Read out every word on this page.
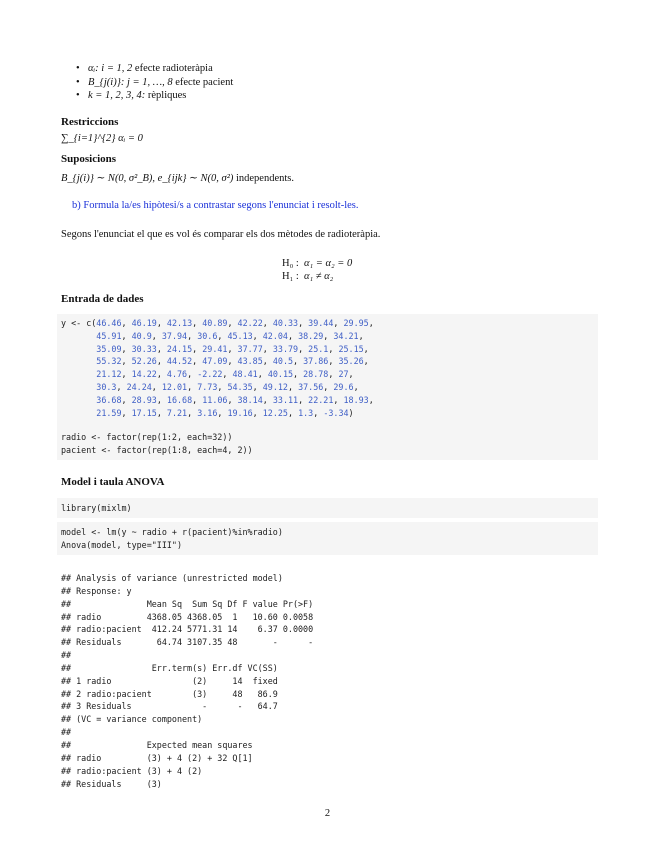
• αᵢ: i = 1, 2 efecte radioteràpia
• B_{j(i)}: j = 1, …, 8 efecte pacient
• k = 1, 2, 3, 4: rèpliques
Restriccions
∑_{i=1}^{2} αᵢ = 0
Suposicions
B_{j(i)} ∼ N(0, σ²_B), e_{ijk} ∼ N(0, σ²) independents.
b) Formula la/es hipòtesi/s a contrastar segons l'enunciat i resolt-les.
Segons l'enunciat el que es vol és comparar els dos mètodes de radioteràpia.
H₀ : α₁ = α₂ = 0
H₁ : α₁ ≠ α₂
Entrada de dades
y <- c(46.46, 46.19, 42.13, 40.89, 42.22, 40.33, 39.44, 29.95,
45.91, 40.9, 37.94, 30.6, 45.13, 42.04, 38.29, 34.21,
35.09, 30.33, 24.15, 29.41, 37.77, 33.79, 25.1, 25.15,
55.32, 52.26, 44.52, 47.09, 43.85, 40.5, 37.86, 35.26,
21.12, 14.22, 4.76, -2.22, 48.41, 40.15, 28.78, 27,
30.3, 24.24, 12.01, 7.73, 54.35, 49.12, 37.56, 29.6,
36.68, 28.93, 16.68, 11.06, 38.14, 33.11, 22.21, 18.93,
21.59, 17.15, 7.21, 3.16, 19.16, 12.25, 1.3, -3.34)
radio <- factor(rep(1:2, each=32))
pacient <- factor(rep(1:8, each=4, 2))
Model i taula ANOVA
library(mixlm)
model <- lm(y ~ radio + r(pacient)%in%radio)
Anova(model, type="III")
## Analysis of variance (unrestricted model)
## Response: y
##               Mean Sq  Sum Sq Df F value Pr(>F)
## radio         4368.05 4368.05  1   10.60 0.0058
## radio:pacient  412.24 5771.31 14    6.37 0.0000
## Residuals       64.74 3107.35 48       -      -
##
##                Err.term(s) Err.df VC(SS)
## 1 radio                (2)     14  fixed
## 2 radio:pacient        (3)     48   86.9
## 3 Residuals              -      -   64.7
## (VC = variance component)
##
##               Expected mean squares
## radio         (3) + 4 (2) + 32 Q[1]
## radio:pacient (3) + 4 (2)
## Residuals     (3)
2
